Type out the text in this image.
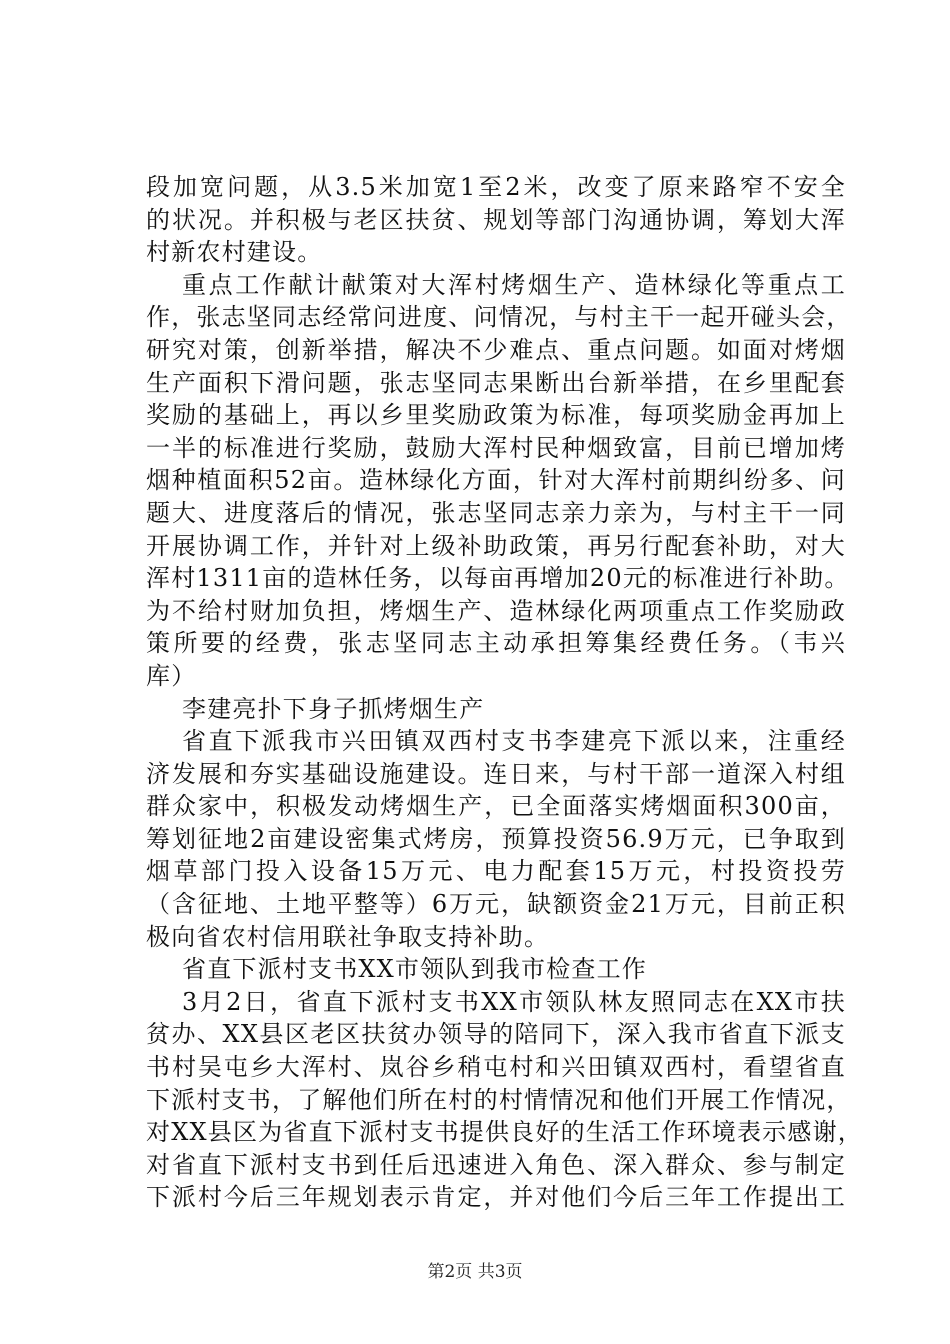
段加宽问题，从3.5米加宽1至2米，改变了原来路窄不安全
的状况。并积极与老区扶贫、规划等部门沟通协调，筹划大浑
村新农村建设。
重点工作献计献策对大浑村烤烟生产、造林绿化等重点工
作，张志坚同志经常问进度、问情况，与村主干一起开碰头会，
研究对策，创新举措，解决不少难点、重点问题。如面对烤烟
生产面积下滑问题，张志坚同志果断出台新举措，在乡里配套
奖励的基础上，再以乡里奖励政策为标准，每项奖励金再加上
一半的标准进行奖励，鼓励大浑村民种烟致富，目前已增加烤
烟种植面积52亩。造林绿化方面，针对大浑村前期纠纷多、问
题大、进度落后的情况，张志坚同志亲力亲为，与村主干一同
开展协调工作，并针对上级补助政策，再另行配套补助，对大
浑村1311亩的造林任务，以每亩再增加20元的标准进行补助。
为不给村财加负担，烤烟生产、造林绿化两项重点工作奖励政
策所要的经费，张志坚同志主动承担筹集经费任务。（韦兴
库）
李建亮扑下身子抓烤烟生产
省直下派我市兴田镇双西村支书李建亮下派以来，注重经
济发展和夯实基础设施建设。连日来，与村干部一道深入村组
群众家中，积极发动烤烟生产，已全面落实烤烟面积300亩，
筹划征地2亩建设密集式烤房，预算投资56.9万元，已争取到
烟草部门投入设备15万元、电力配套15万元，村投资投劳
（含征地、土地平整等）6万元，缺额资金21万元，目前正积
极向省农村信用联社争取支持补助。
省直下派村支书XX市领队到我市检查工作
3月2日，省直下派村支书XX市领队林友照同志在XX市扶
贫办、XX县区老区扶贫办领导的陪同下，深入我市省直下派支
书村吴屯乡大浑村、岚谷乡稍屯村和兴田镇双西村，看望省直
下派村支书，了解他们所在村的村情情况和他们开展工作情况，
对XX县区为省直下派村支书提供良好的生活工作环境表示感谢，
对省直下派村支书到任后迅速进入角色、深入群众、参与制定
下派村今后三年规划表示肯定，并对他们今后三年工作提出工
第2页 共3页
